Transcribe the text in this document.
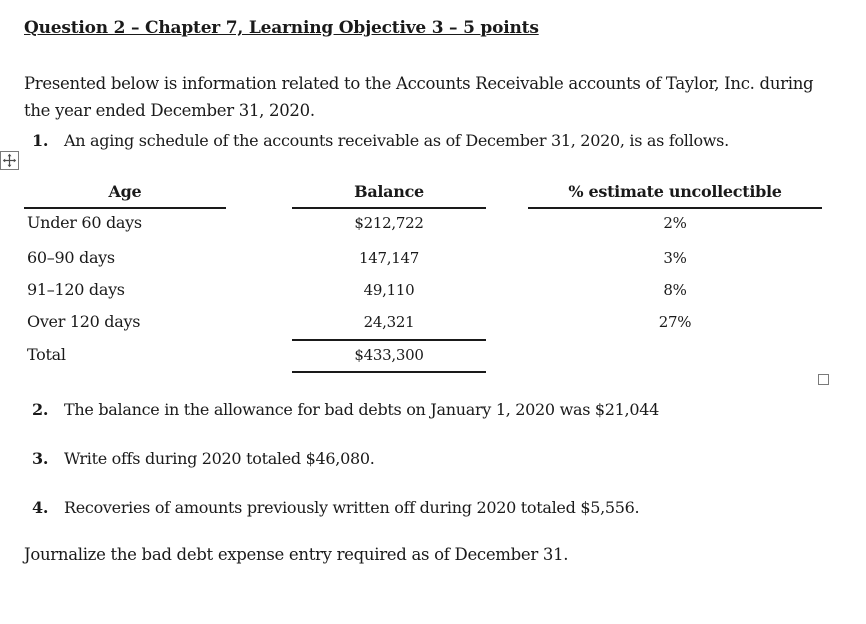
Question 2 – Chapter 7, Learning Objective 3 – 5 points
Presented below is information related to the Accounts Receivable accounts of Taylor, Inc. during the year ended December 31, 2020.
1. An aging schedule of the accounts receivable as of December 31, 2020, is as follows.
Age	Balance	% estimate uncollectible
Under 60 days	$212,722	2%
60–90 days	147,147	3%
91–120 days	49,110	8%
Over 120 days	24,321	27%
Total	$433,300
2. The balance in the allowance for bad debts on January 1, 2020 was $21,044
3. Write offs during 2020 totaled $46,080.
4. Recoveries of amounts previously written off during 2020 totaled $5,556.
Journalize the bad debt expense entry required as of December 31.
